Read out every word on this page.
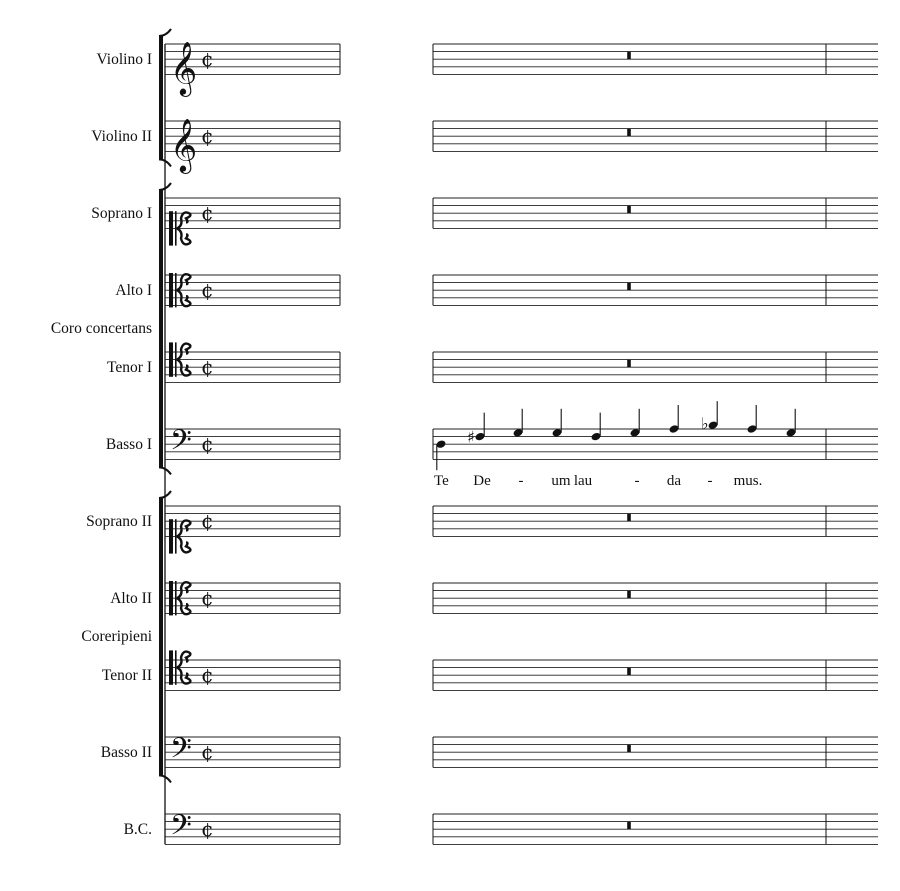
Violino I
Violino II
Soprano I
Alto I
Tenor I
Basso I
Soprano II
Alto II
Tenor II
Basso II
B.C.
Coro concertans
Coreripieni
𝄞 ¢
𝄞 ¢
¢
¢
¢
𝄢 ¢
¢
¢
¢
𝄢 ¢
𝄢 ¢
Te
♯
De - um lau	- da
♭
- mus.
